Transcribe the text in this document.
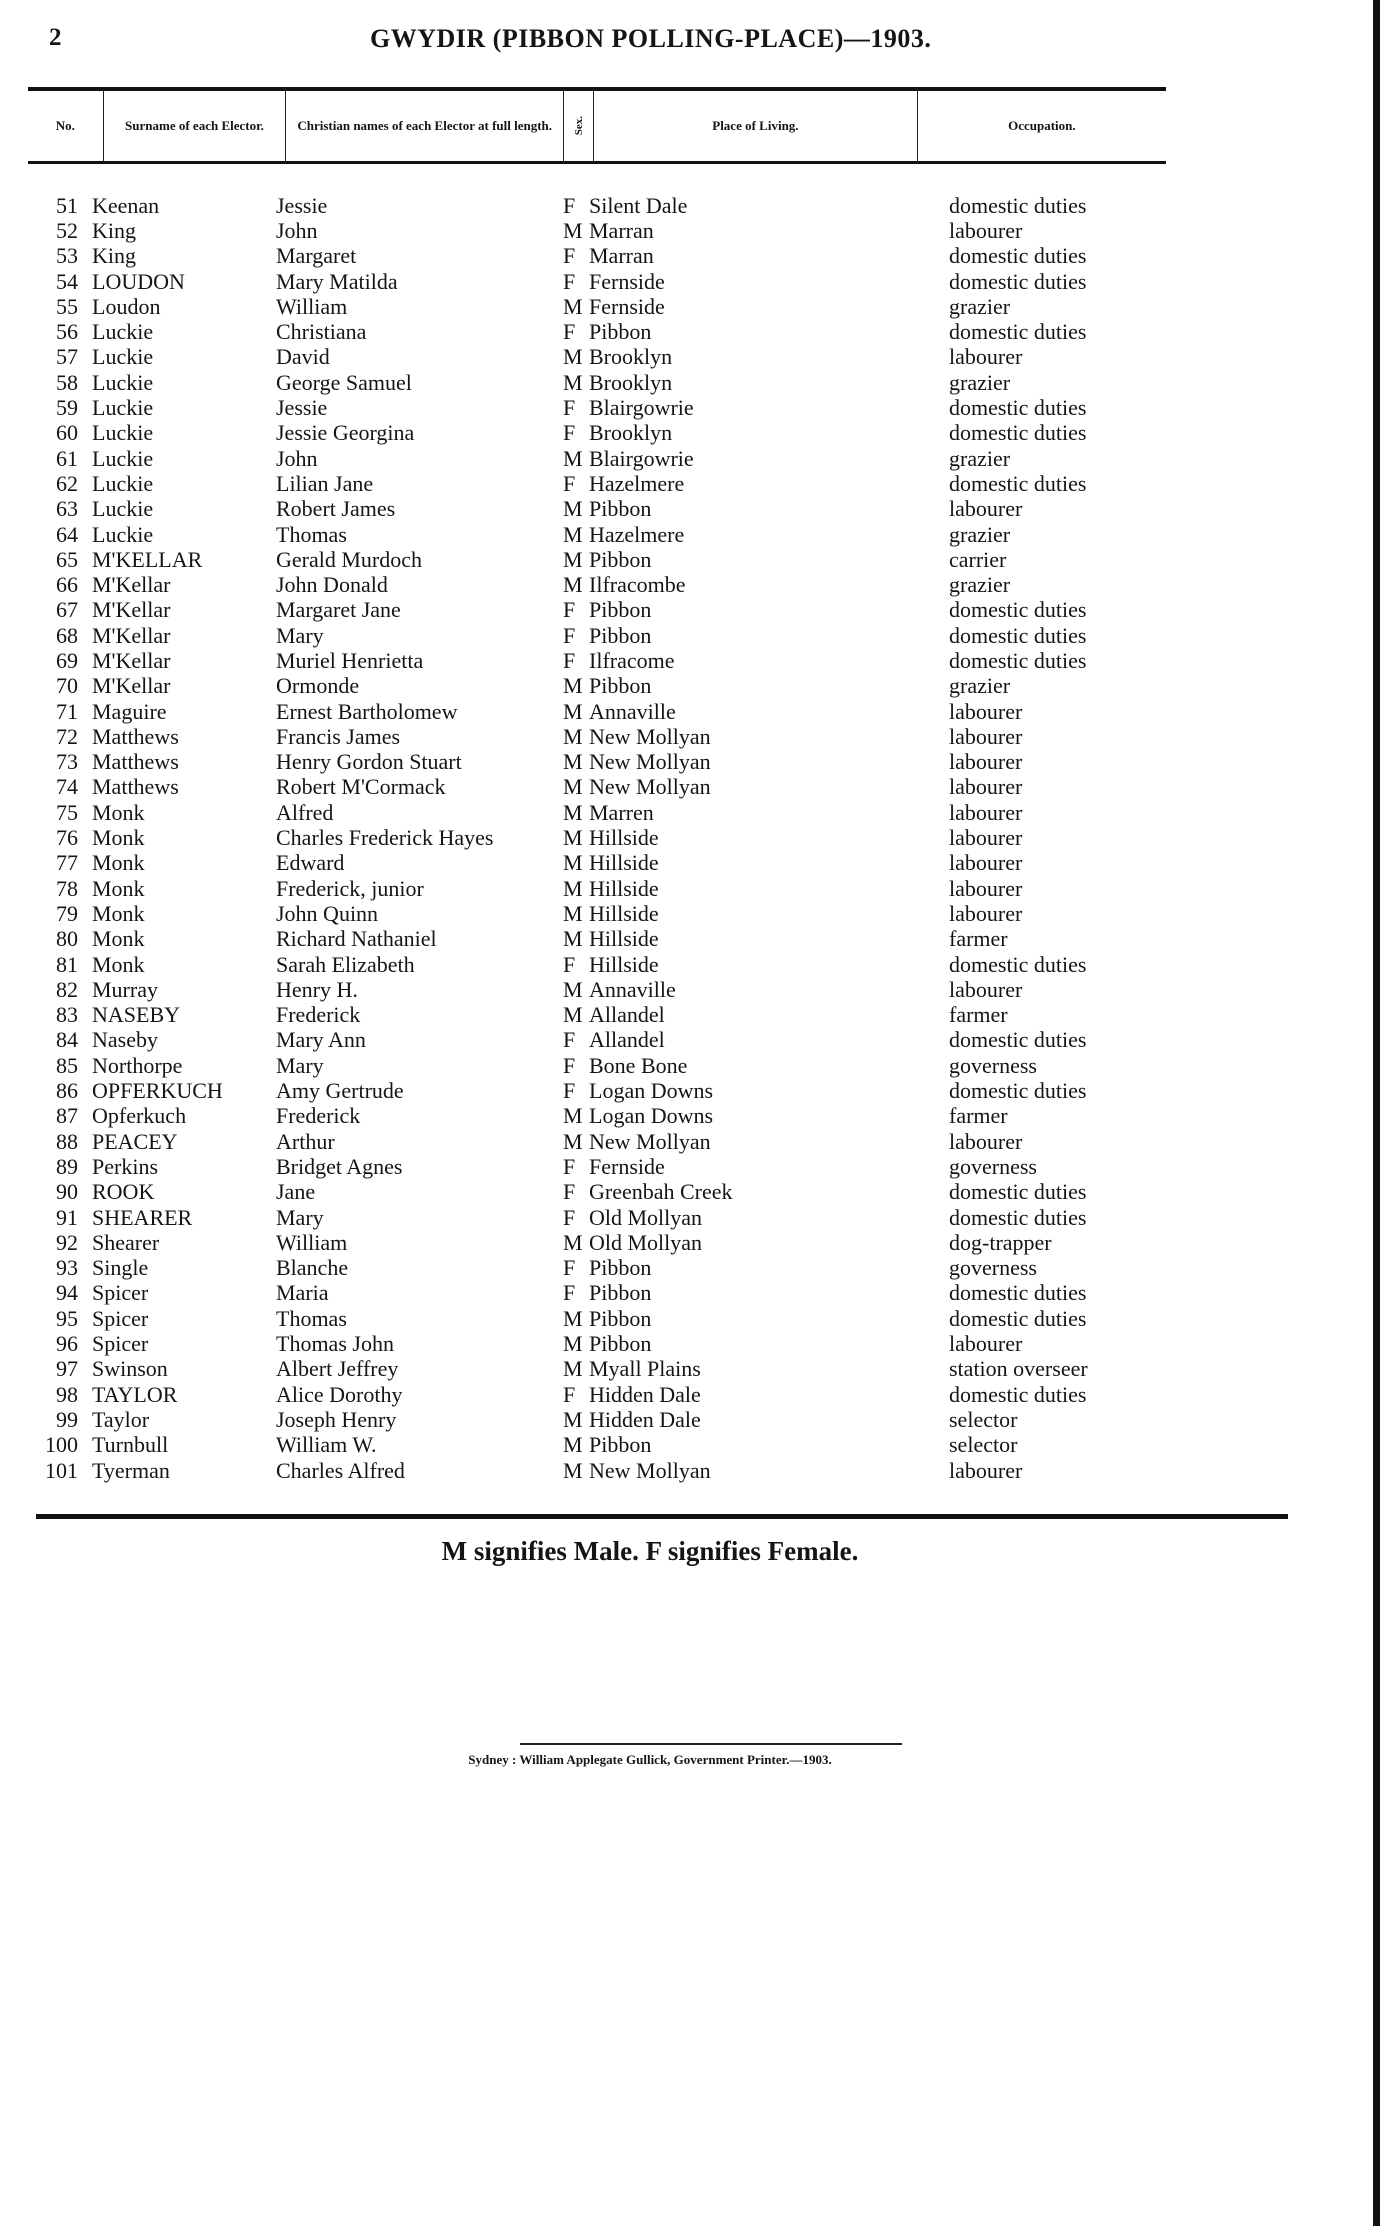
2	GWYDIR (PIBBON POLLING-PLACE)—1903.
No.	Surname of each Elector.	Christian names of each Elector at full length.	Sex.	Place of Living.	Occupation.
51 Keenan	Jessie	F Silent Dale	domestic duties
52 King	John	M Marran	labourer
53 King	Margaret	F Marran	domestic duties
54 LOUDON	Mary Matilda	F Fernside	domestic duties
55 Loudon	William	M Fernside	grazier
56 Luckie	Christiana	F Pibbon	domestic duties
57 Luckie	David	M Brooklyn	labourer
58 Luckie	George Samuel	M Brooklyn	grazier
59 Luckie	Jessie	F Blairgowrie	domestic duties
60 Luckie	Jessie Georgina	F Brooklyn	domestic duties
61 Luckie	John	M Blairgowrie	grazier
62 Luckie	Lilian Jane	F Hazelmere	domestic duties
63 Luckie	Robert James	M Pibbon	labourer
64 Luckie	Thomas	M Hazelmere	grazier
65 M'KELLAR	Gerald Murdoch	M Pibbon	carrier
66 M'Kellar	John Donald	M Ilfracombe	grazier
67 M'Kellar	Margaret Jane	F Pibbon	domestic duties
68 M'Kellar	Mary	F Pibbon	domestic duties
69 M'Kellar	Muriel Henrietta	F Ilfracome	domestic duties
70 M'Kellar	Ormonde	M Pibbon	grazier
71 Maguire	Ernest Bartholomew	M Annaville	labourer
72 Matthews	Francis James	M New Mollyan	labourer
73 Matthews	Henry Gordon Stuart	M New Mollyan	labourer
74 Matthews	Robert M'Cormack	M New Mollyan	labourer
75 Monk	Alfred	M Marren	labourer
76 Monk	Charles Frederick Hayes	M Hillside	labourer
77 Monk	Edward	M Hillside	labourer
78 Monk	Frederick, junior	M Hillside	labourer
79 Monk	John Quinn	M Hillside	labourer
80 Monk	Richard Nathaniel	M Hillside	farmer
81 Monk	Sarah Elizabeth	F Hillside	domestic duties
82 Murray	Henry H.	M Annaville	labourer
83 NASEBY	Frederick	M Allandel	farmer
84 Naseby	Mary Ann	F Allandel	domestic duties
85 Northorpe	Mary	F Bone Bone	governess
86 OPFERKUCH	Amy Gertrude	F Logan Downs	domestic duties
87 Opferkuch	Frederick	M Logan Downs	farmer
88 PEACEY	Arthur	M New Mollyan	labourer
89 Perkins	Bridget Agnes	F Fernside	governess
90 ROOK	Jane	F Greenbah Creek	domestic duties
91 SHEARER	Mary	F Old Mollyan	domestic duties
92 Shearer	William	M Old Mollyan	dog-trapper
93 Single	Blanche	F Pibbon	governess
94 Spicer	Maria	F Pibbon	domestic duties
95 Spicer	Thomas	M Pibbon	domestic duties
96 Spicer	Thomas John	M Pibbon	labourer
97 Swinson	Albert Jeffrey	M Myall Plains	station overseer
98 TAYLOR	Alice Dorothy	F Hidden Dale	domestic duties
99 Taylor	Joseph Henry	M Hidden Dale	selector
100 Turnbull	William W.	M Pibbon	selector
101 Tyerman	Charles Alfred	M New Mollyan	labourer
M signifies Male. F signifies Female.
Sydney : William Applegate Gullick, Government Printer.—1903.
